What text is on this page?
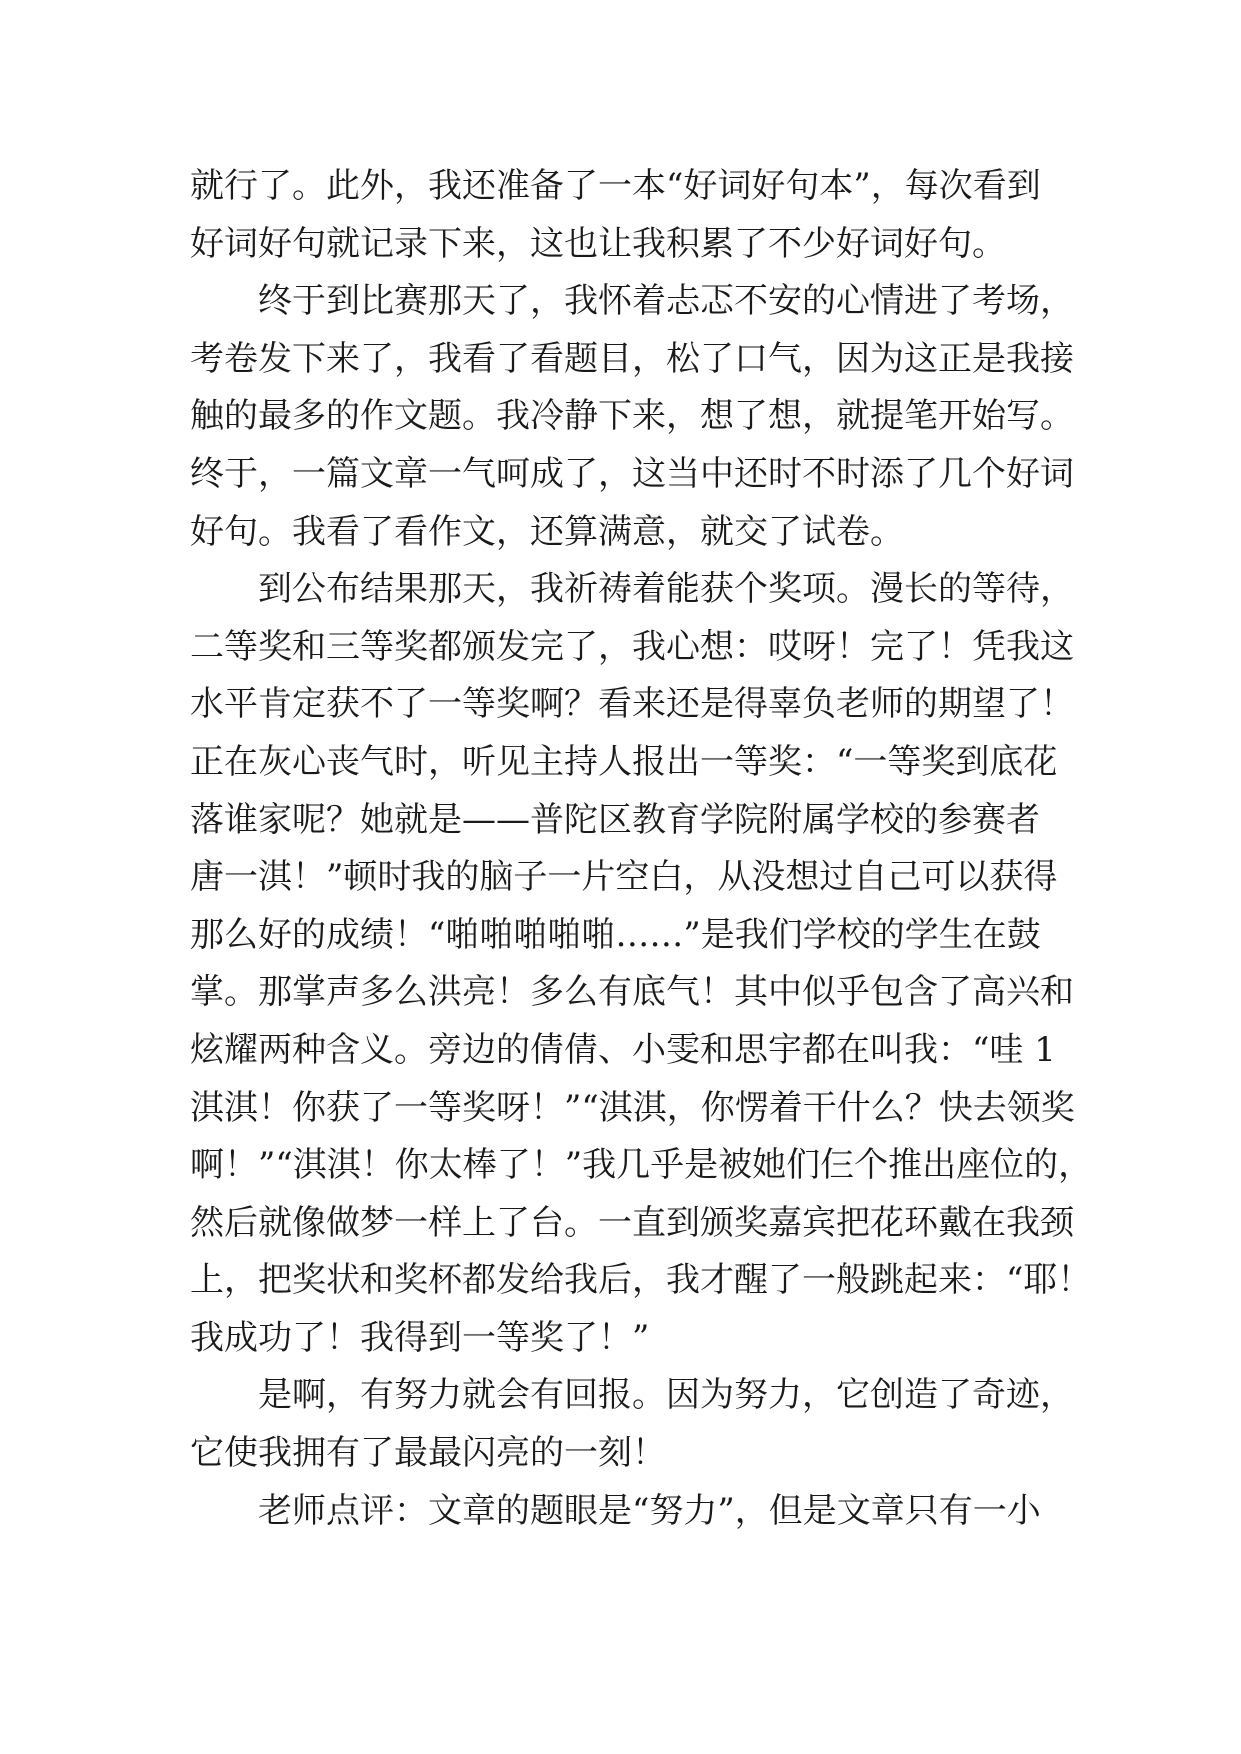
就行了。此外，我还准备了一本“好词好句本”，每次看到
好词好句就记录下来，这也让我积累了不少好词好句。
终于到比赛那天了，我怀着忐忑不安的心情进了考场，
考卷发下来了，我看了看题目，松了口气，因为这正是我接
触的最多的作文题。我冷静下来，想了想，就提笔开始写。
终于，一篇文章一气呵成了，这当中还时不时添了几个好词
好句。我看了看作文，还算满意，就交了试卷。
到公布结果那天，我祈祷着能获个奖项。漫长的等待，
二等奖和三等奖都颁发完了，我心想：哎呀！完了！凭我这
水平肯定获不了一等奖啊？看来还是得辜负老师的期望了！
正在灰心丧气时，听见主持人报出一等奖：“一等奖到底花
落谁家呢？她就是——普陀区教育学院附属学校的参赛者
唐一淇！”顿时我的脑子一片空白，从没想过自己可以获得
那么好的成绩！“啪啪啪啪啪……”是我们学校的学生在鼓
掌。那掌声多么洪亮！多么有底气！其中似乎包含了高兴和
炫耀两种含义。旁边的倩倩、小雯和思宇都在叫我：“哇 1
淇淇！你获了一等奖呀！”“淇淇，你愣着干什么？快去领奖
啊！”“淇淇！你太棒了！”我几乎是被她们仨个推出座位的，
然后就像做梦一样上了台。一直到颁奖嘉宾把花环戴在我颈
上，把奖状和奖杯都发给我后，我才醒了一般跳起来：“耶！
我成功了！我得到一等奖了！”
是啊，有努力就会有回报。因为努力，它创造了奇迹，
它使我拥有了最最闪亮的一刻！
老师点评：文章的题眼是“努力”，但是文章只有一小
